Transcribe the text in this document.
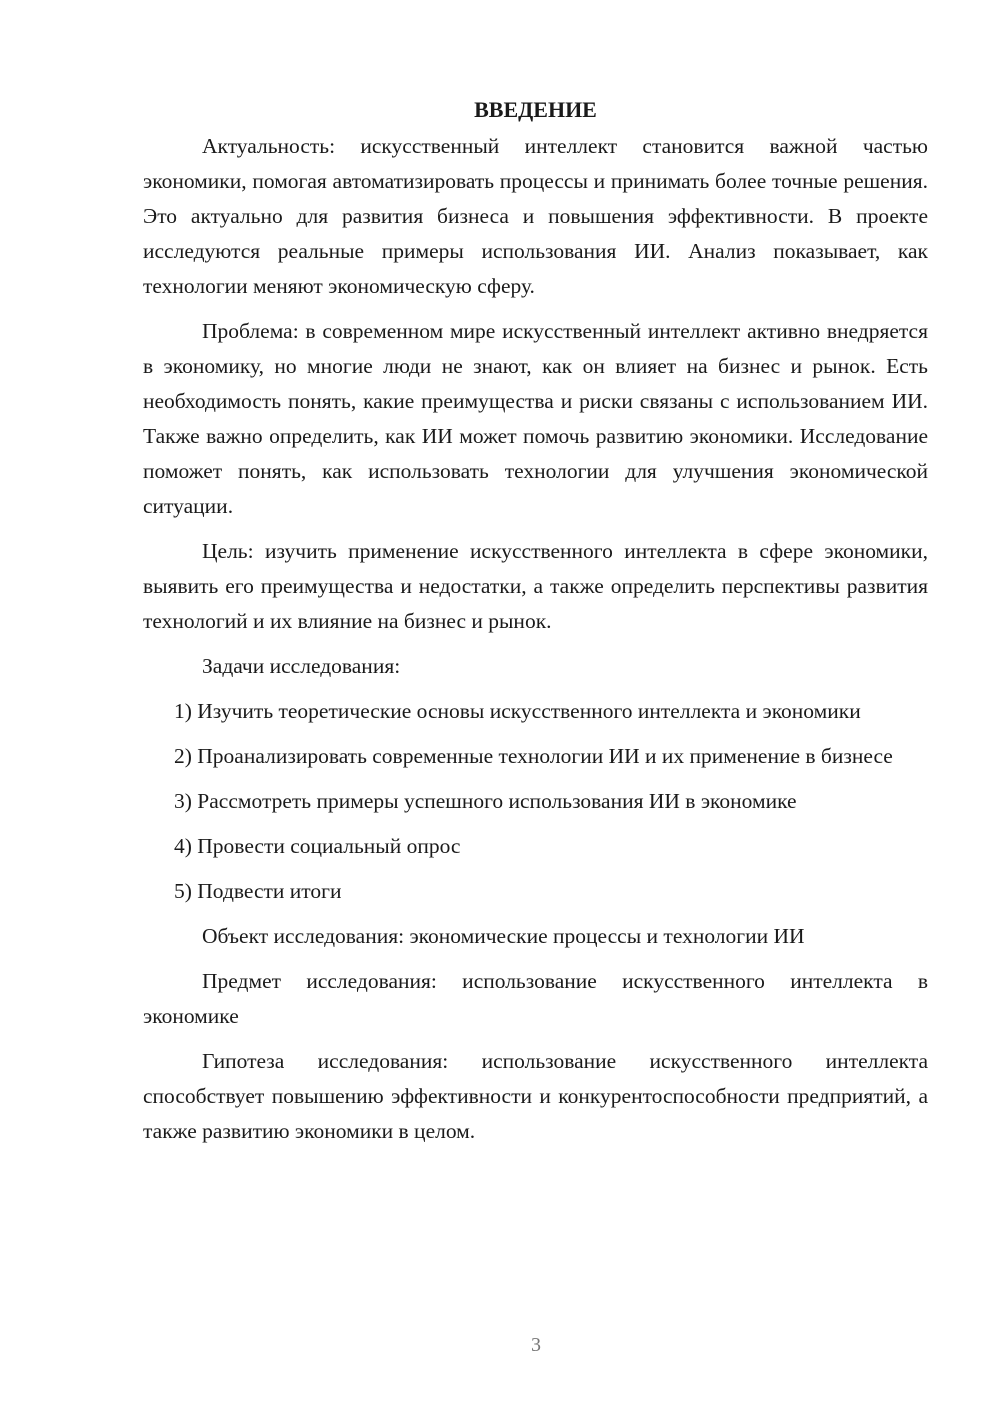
ВВЕДЕНИЕ

Актуальность: искусственный интеллект становится важной частью экономики, помогая автоматизировать процессы и принимать более точные решения. Это актуально для развития бизнеса и повышения эффективности. В проекте исследуются реальные примеры использования ИИ. Анализ показывает, как технологии меняют экономическую сферу.

Проблема: в современном мире искусственный интеллект активно внедряется в экономику, но многие люди не знают, как он влияет на бизнес и рынок. Есть необходимость понять, какие преимущества и риски связаны с использованием ИИ. Также важно определить, как ИИ может помочь развитию экономики. Исследование поможет понять, как использовать технологии для улучшения экономической ситуации.

Цель: изучить применение искусственного интеллекта в сфере экономики, выявить его преимущества и недостатки, а также определить перспективы развития технологий и их влияние на бизнес и рынок.

Задачи исследования:

1) Изучить теоретические основы искусственного интеллекта и экономики

2) Проанализировать современные технологии ИИ и их применение в бизнесе

3) Рассмотреть примеры успешного использования ИИ в экономике

4) Провести социальный опрос

5) Подвести итоги

Объект исследования: экономические процессы и технологии ИИ

Предмет исследования: использование искусственного интеллекта в экономике

Гипотеза исследования: использование искусственного интеллекта способствует повышению эффективности и конкурентоспособности предприятий, а также развитию экономики в целом.

3
